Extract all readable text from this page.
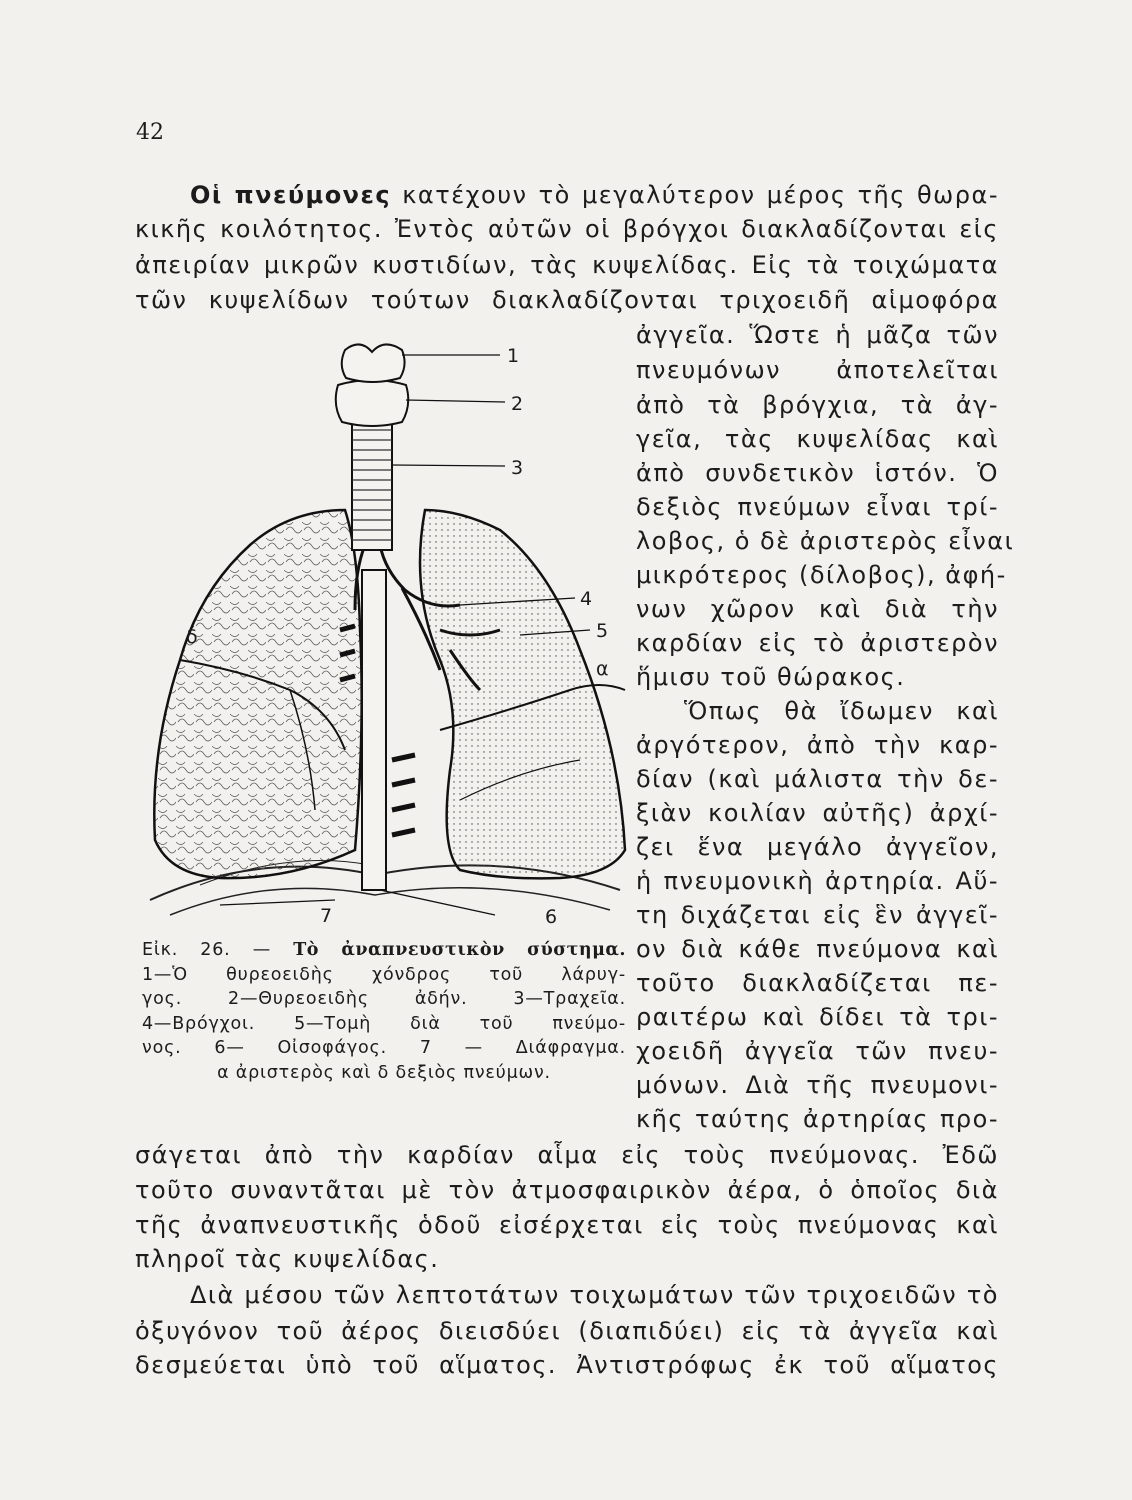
42
Οἱ πνεύμονες κατέχουν τὸ μεγαλύτερον μέρος τῆς θωρα-
κικῆς κοιλότητος. Ἐντὸς αὐτῶν οἱ βρόγχοι διακλαδίζονται εἰς
ἀπειρίαν μικρῶν κυστιδίων, τὰς κυψελίδας. Εἰς τὰ τοιχώματα
τῶν κυψελίδων τούτων διακλαδίζονται τριχοειδῆ αἱμοφόρα
ἀγγεῖα. Ὥστε ἡ μᾶζα τῶν
πνευμόνων ἀποτελεῖται
ἀπὸ τὰ βρόγχια, τὰ ἀγ-
γεῖα, τὰς κυψελίδας καὶ
ἀπὸ συνδετικὸν ἱστόν. Ὁ
δεξιὸς πνεύμων εἶναι τρί-
λοβος, ὁ δὲ ἀριστερὸς εἶναι
μικρότερος (δίλοβος), ἀφή-
νων χῶρον καὶ διὰ τὴν
καρδίαν εἰς τὸ ἀριστερὸν
ἥμισυ τοῦ θώρακος.
Ὅπως θὰ ἴδωμεν καὶ
ἀργότερον, ἀπὸ τὴν καρ-
δίαν (καὶ μάλιστα τὴν δε-
ξιὰν κοιλίαν αὐτῆς) ἀρχί-
ζει ἕνα μεγάλο ἀγγεῖον,
ἡ πνευμονικὴ ἀρτηρία. Αὕ-
τη διχάζεται εἰς ἓν ἀγγεῖ-
ον διὰ κάθε πνεύμονα καὶ
τοῦτο διακλαδίζεται πε-
ραιτέρω καὶ δίδει τὰ τρι-
χοειδῆ ἀγγεῖα τῶν πνευ-
μόνων. Διὰ τῆς πνευμονι-
κῆς ταύτης ἀρτηρίας προ-
σάγεται ἀπὸ τὴν καρδίαν αἷμα εἰς τοὺς πνεύμονας. Ἐδῶ
τοῦτο συναντᾶται μὲ τὸν ἀτμοσφαιρικὸν ἀέρα, ὁ ὁποῖος διὰ
τῆς ἀναπνευστικῆς ὁδοῦ εἰσέρχεται εἰς τοὺς πνεύμονας καὶ
πληροῖ τὰς κυψελίδας.
Διὰ μέσου τῶν λεπτοτάτων τοιχωμάτων τῶν τριχοειδῶν τὸ
ὀξυγόνον τοῦ ἀέρος διεισδύει (διαπιδύει) εἰς τὰ ἀγγεῖα καὶ
δεσμεύεται ὑπὸ τοῦ αἵματος. Ἀντιστρόφως ἐκ τοῦ αἵματος
1
2
3
4
5
α
δ
7	6
Εἰκ. 26. — Τὸ ἀναπνευστικὸν σύστημα.
1—Ὁ θυρεοειδὴς χόνδρος τοῦ λάρυγ-
γος. 2—Θυρεοειδὴς ἀδήν. 3—Τραχεῖα.
4—Βρόγχοι. 5—Τομὴ διὰ τοῦ πνεύμο-
νος. 6— Οἰσοφάγος. 7 — Διάφραγμα.
α ἀριστερὸς καὶ δ δεξιὸς πνεύμων.
